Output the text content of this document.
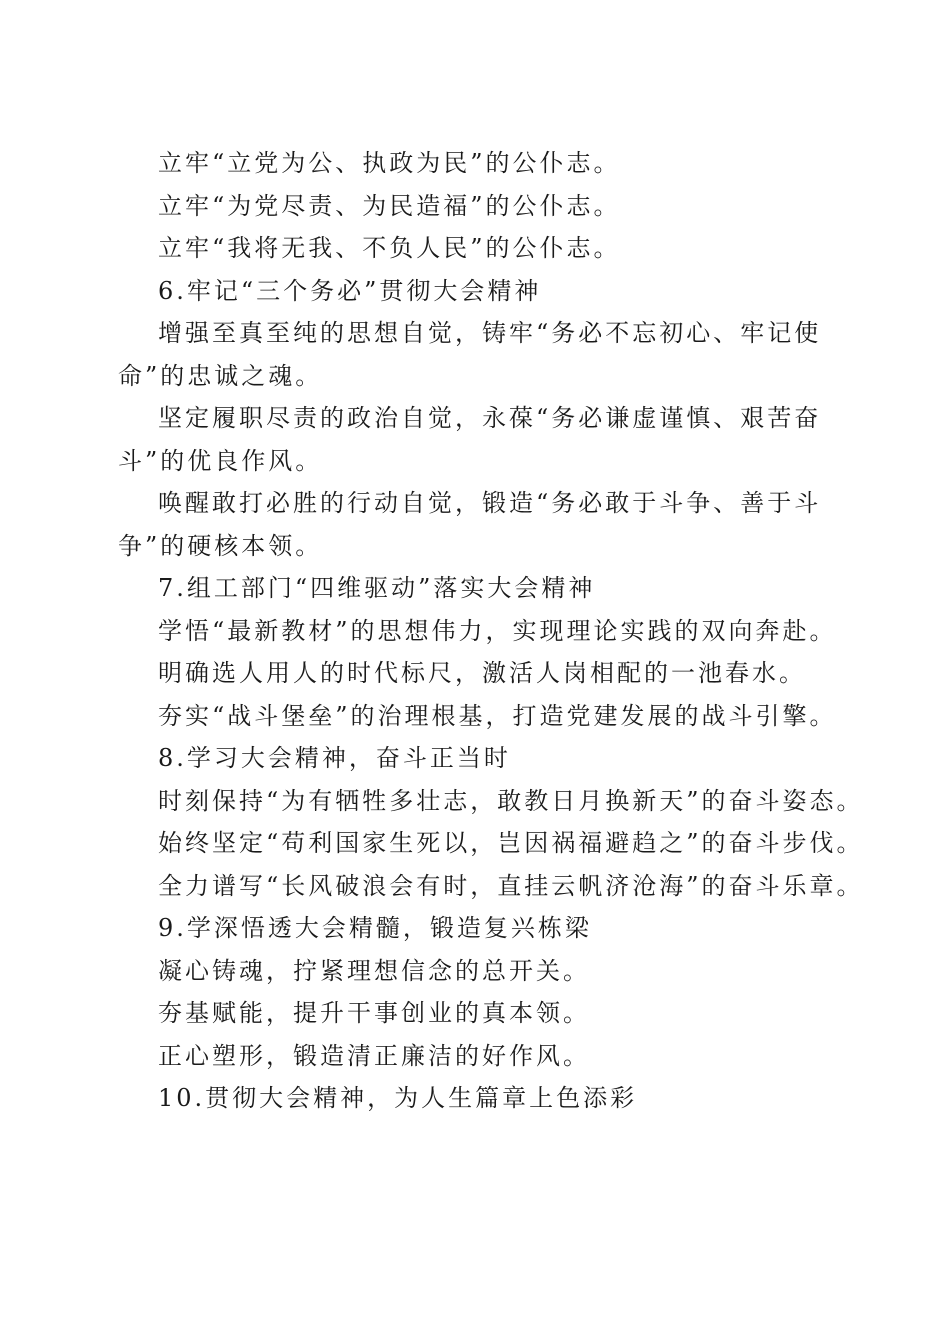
立牢“立党为公、执政为民”的公仆志。
立牢“为党尽责、为民造福”的公仆志。
立牢“我将无我、不负人民”的公仆志。
6.牢记“三个务必”贯彻大会精神
增强至真至纯的思想自觉，铸牢“务必不忘初心、牢记使
命”的忠诚之魂。
坚定履职尽责的政治自觉，永葆“务必谦虚谨慎、艰苦奋
斗”的优良作风。
唤醒敢打必胜的行动自觉，锻造“务必敢于斗争、善于斗
争”的硬核本领。
7.组工部门“四维驱动”落实大会精神
学悟“最新教材”的思想伟力，实现理论实践的双向奔赴。
明确选人用人的时代标尺，激活人岗相配的一池春水。
夯实“战斗堡垒”的治理根基，打造党建发展的战斗引擎。
8.学习大会精神，奋斗正当时
时刻保持“为有牺牲多壮志，敢教日月换新天”的奋斗姿态。
始终坚定“苟利国家生死以，岂因祸福避趋之”的奋斗步伐。
全力谱写“长风破浪会有时，直挂云帆济沧海”的奋斗乐章。
9.学深悟透大会精髓，锻造复兴栋梁
凝心铸魂，拧紧理想信念的总开关。
夯基赋能，提升干事创业的真本领。
正心塑形，锻造清正廉洁的好作风。
10.贯彻大会精神，为人生篇章上色添彩
